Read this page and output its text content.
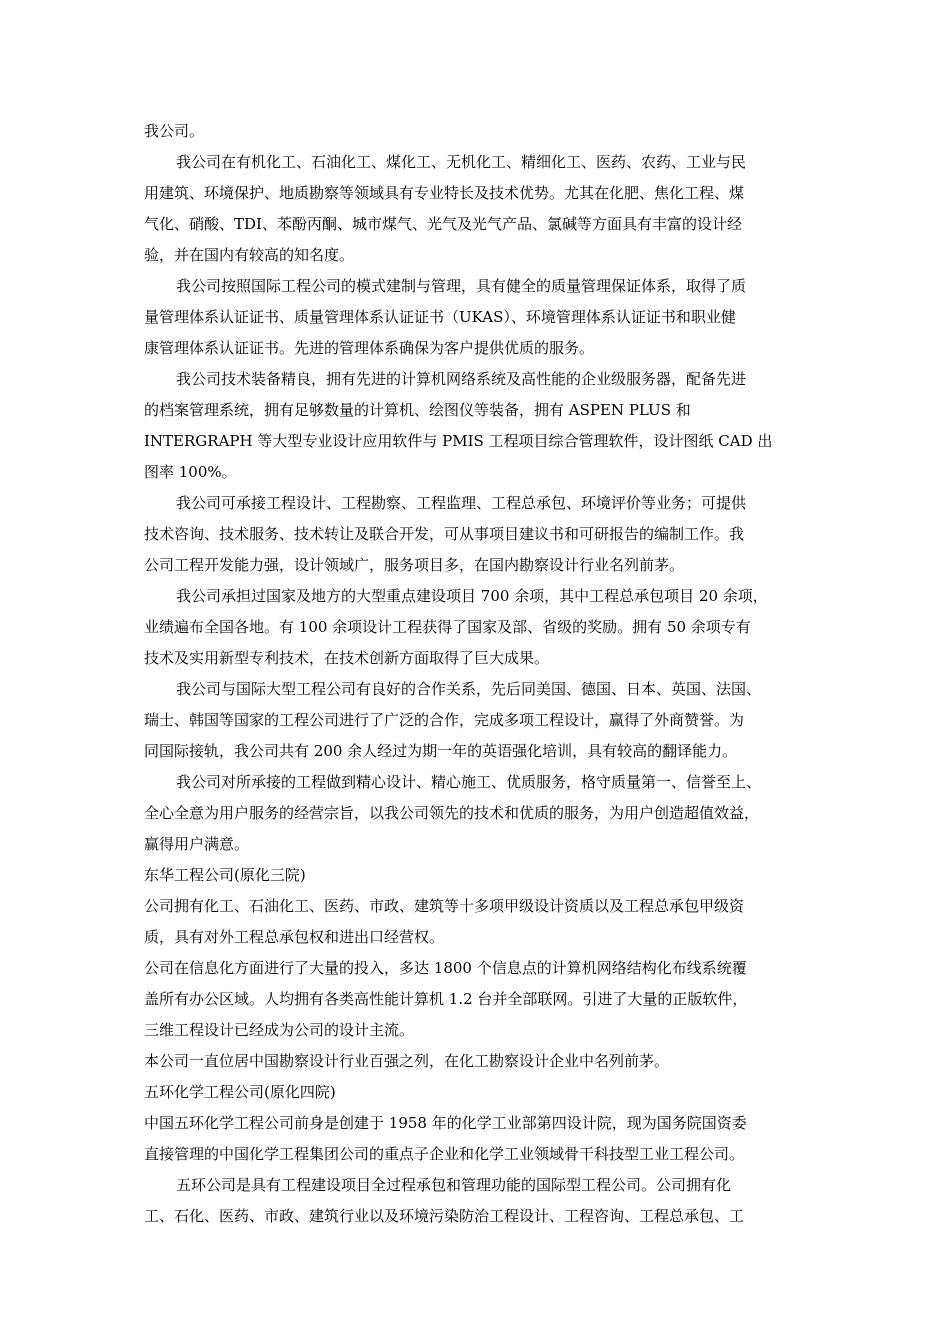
我公司。

我公司在有机化工、石油化工、煤化工、无机化工、精细化工、医药、农药、工业与民
用建筑、环境保护、地质勘察等领域具有专业特长及技术优势。尤其在化肥、焦化工程、煤
气化、硝酸、TDI、苯酚丙酮、城市煤气、光气及光气产品、氯碱等方面具有丰富的设计经
验，并在国内有较高的知名度。

我公司按照国际工程公司的模式建制与管理，具有健全的质量管理保证体系，取得了质
量管理体系认证证书、质量管理体系认证证书（UKAS）、环境管理体系认证证书和职业健
康管理体系认证证书。先进的管理体系确保为客户提供优质的服务。

我公司技术装备精良，拥有先进的计算机网络系统及高性能的企业级服务器，配备先进
的档案管理系统，拥有足够数量的计算机、绘图仪等装备，拥有 ASPEN PLUS 和
INTERGRAPH 等大型专业设计应用软件与 PMIS 工程项目综合管理软件，设计图纸 CAD 出
图率 100%。

我公司可承接工程设计、工程勘察、工程监理、工程总承包、环境评价等业务；可提供
技术咨询、技术服务、技术转让及联合开发，可从事项目建议书和可研报告的编制工作。我
公司工程开发能力强，设计领域广，服务项目多，在国内勘察设计行业名列前茅。

我公司承担过国家及地方的大型重点建设项目 700 余项，其中工程总承包项目 20 余项，
业绩遍布全国各地。有 100 余项设计工程获得了国家及部、省级的奖励。拥有 50 余项专有
技术及实用新型专利技术，在技术创新方面取得了巨大成果。

我公司与国际大型工程公司有良好的合作关系，先后同美国、德国、日本、英国、法国、
瑞士、韩国等国家的工程公司进行了广泛的合作，完成多项工程设计，赢得了外商赞誉。为
同国际接轨，我公司共有 200 余人经过为期一年的英语强化培训，具有较高的翻译能力。

我公司对所承接的工程做到精心设计、精心施工、优质服务，格守质量第一、信誉至上、
全心全意为用户服务的经营宗旨，以我公司领先的技术和优质的服务，为用户创造超值效益，
赢得用户满意。

东华工程公司(原化三院)

公司拥有化工、石油化工、医药、市政、建筑等十多项甲级设计资质以及工程总承包甲级资
质，具有对外工程总承包权和进出口经营权。

公司在信息化方面进行了大量的投入，多达 1800 个信息点的计算机网络结构化布线系统覆
盖所有办公区域。人均拥有各类高性能计算机 1.2 台并全部联网。引进了大量的正版软件，
三维工程设计已经成为公司的设计主流。

本公司一直位居中国勘察设计行业百强之列，在化工勘察设计企业中名列前茅。

五环化学工程公司(原化四院)

中国五环化学工程公司前身是创建于 1958 年的化学工业部第四设计院，现为国务院国资委
直接管理的中国化学工程集团公司的重点子企业和化学工业领域骨干科技型工业工程公司。

五环公司是具有工程建设项目全过程承包和管理功能的国际型工程公司。公司拥有化
工、石化、医药、市政、建筑行业以及环境污染防治工程设计、工程咨询、工程总承包、工
